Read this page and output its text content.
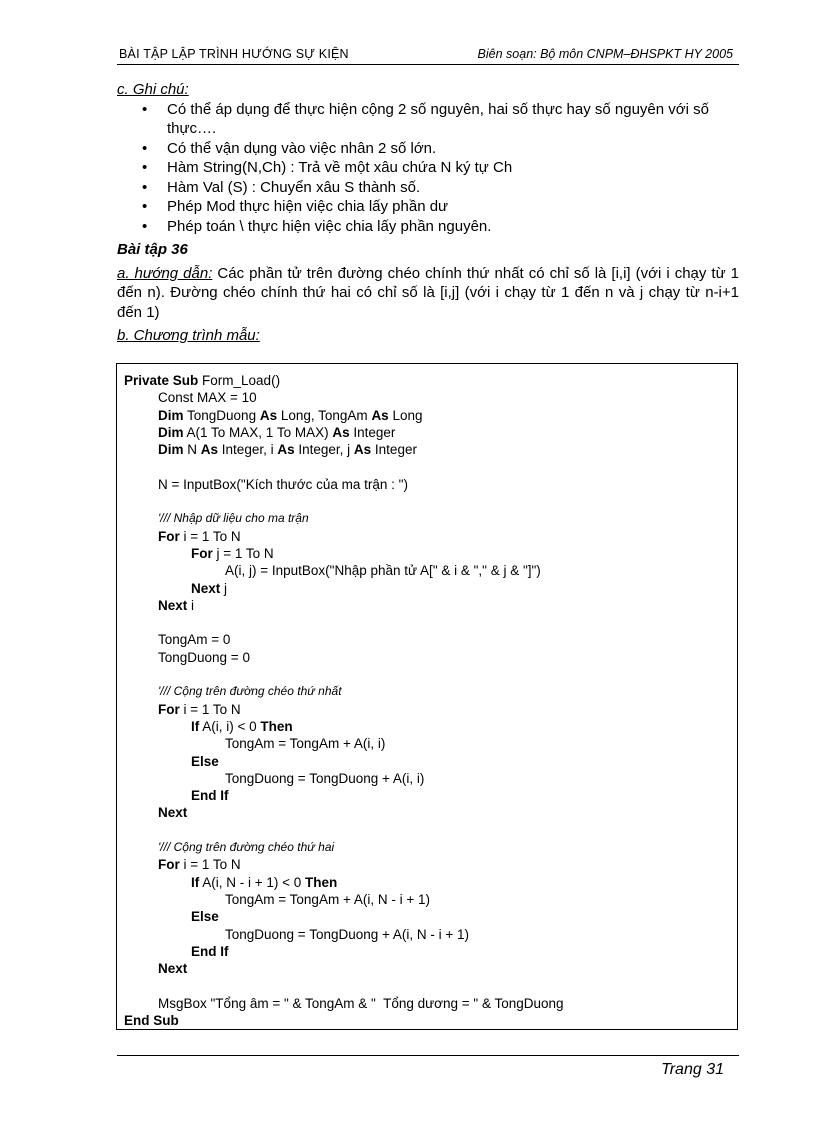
BÀI TẬP LẬP TRÌNH HƯỚNG SỰ KIỆN	Biên soạn: Bộ môn CNPM–ĐHSPKT HY 2005
c. Ghi chú:
• Có thể áp dụng để thực hiện cộng 2 số nguyên, hai số thực hay số nguyên với số thực….
• Có thể vận dụng vào việc nhân 2 số lớn.
• Hàm String(N,Ch) : Trả về một xâu chứa N ký tự Ch
• Hàm Val (S) : Chuyển xâu S thành số.
• Phép Mod thực hiện việc chia lấy phần dư
• Phép toán \ thực hiện việc chia lấy phần nguyên.
Bài tập 36
a. hướng dẫn: Các phần tử trên đường chéo chính thứ nhất có chỉ số là [i,i] (với i chạy từ 1 đến n). Đường chéo chính thứ hai có chỉ số là [i,j] (với i chạy từ 1 đến n và j chạy từ n-i+1 đến 1)
b. Chương trình mẫu:
Private Sub Form_Load()
Const MAX = 10
Dim TongDuong As Long, TongAm As Long
Dim A(1 To MAX, 1 To MAX) As Integer
Dim N As Integer, i As Integer, j As Integer
N = InputBox("Kích thước của ma trận : ")
'/// Nhập dữ liệu cho ma trận
For i = 1 To N
For j = 1 To N
A(i, j) = InputBox("Nhập phần tử A[" & i & "," & j & "]")
Next j
Next i
TongAm = 0
TongDuong = 0
'/// Cộng trên đường chéo thứ nhất
For i = 1 To N
If A(i, i) < 0 Then
TongAm = TongAm + A(i, i)
Else
TongDuong = TongDuong + A(i, i)
End If
Next
'/// Cộng trên đường chéo thứ hai
For i = 1 To N
If A(i, N - i + 1) < 0 Then
TongAm = TongAm + A(i, N - i + 1)
Else
TongDuong = TongDuong + A(i, N - i + 1)
End If
Next
MsgBox "Tổng âm = " & TongAm & "  Tổng dương = " & TongDuong
End Sub
Trang 31
